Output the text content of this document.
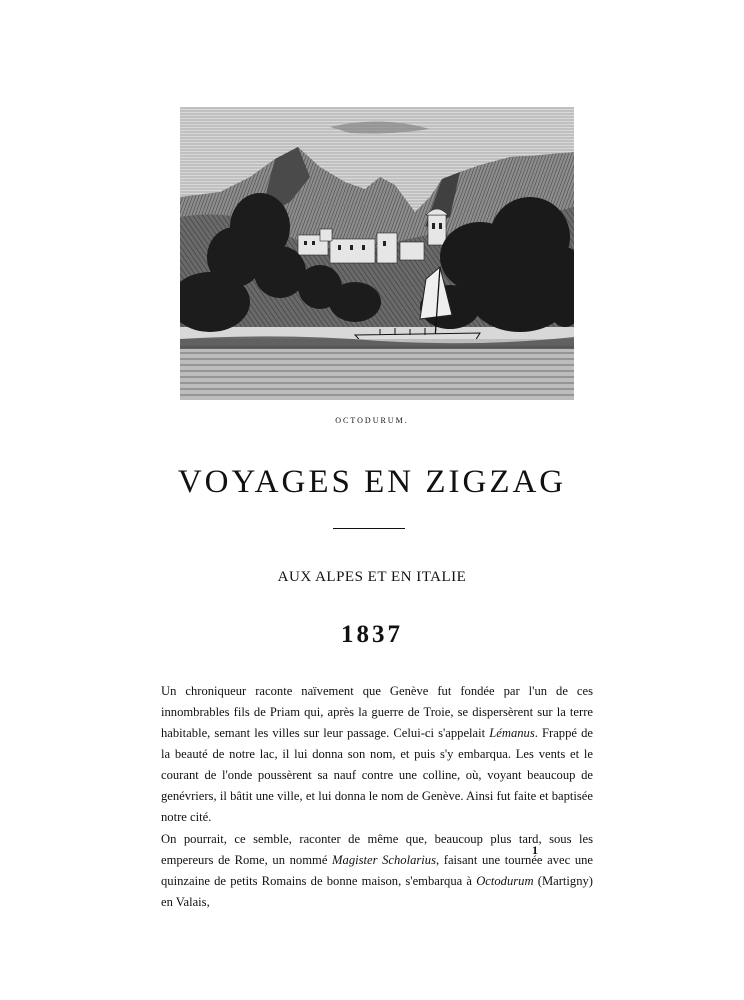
OCTODURUM.
VOYAGES EN ZIGZAG
AUX ALPES ET EN ITALIE
1837

Un chroniqueur raconte naïvement que Genève fut fondée par l'un de ces innombrables fils de Priam qui, après la guerre de Troie, se dispersèrent sur la terre habitable, semant les villes sur leur passage. Celui-ci s'appelait Lémanus. Frappé de la beauté de notre lac, il lui donna son nom, et puis s'y embarqua. Les vents et le courant de l'onde poussèrent sa nauf contre une colline, où, voyant beaucoup de genévriers, il bâtit une ville, et lui donna le nom de Genève. Ainsi fut faite et baptisée notre cité.

On pourrait, ce semble, raconter de même que, beaucoup plus tard, sous les empereurs de Rome, un nommé Magister Scholarius, faisant une tournée avec une quinzaine de petits Romains de bonne maison, s'embarqua à Octodurum (Martigny) en Valais,

1
